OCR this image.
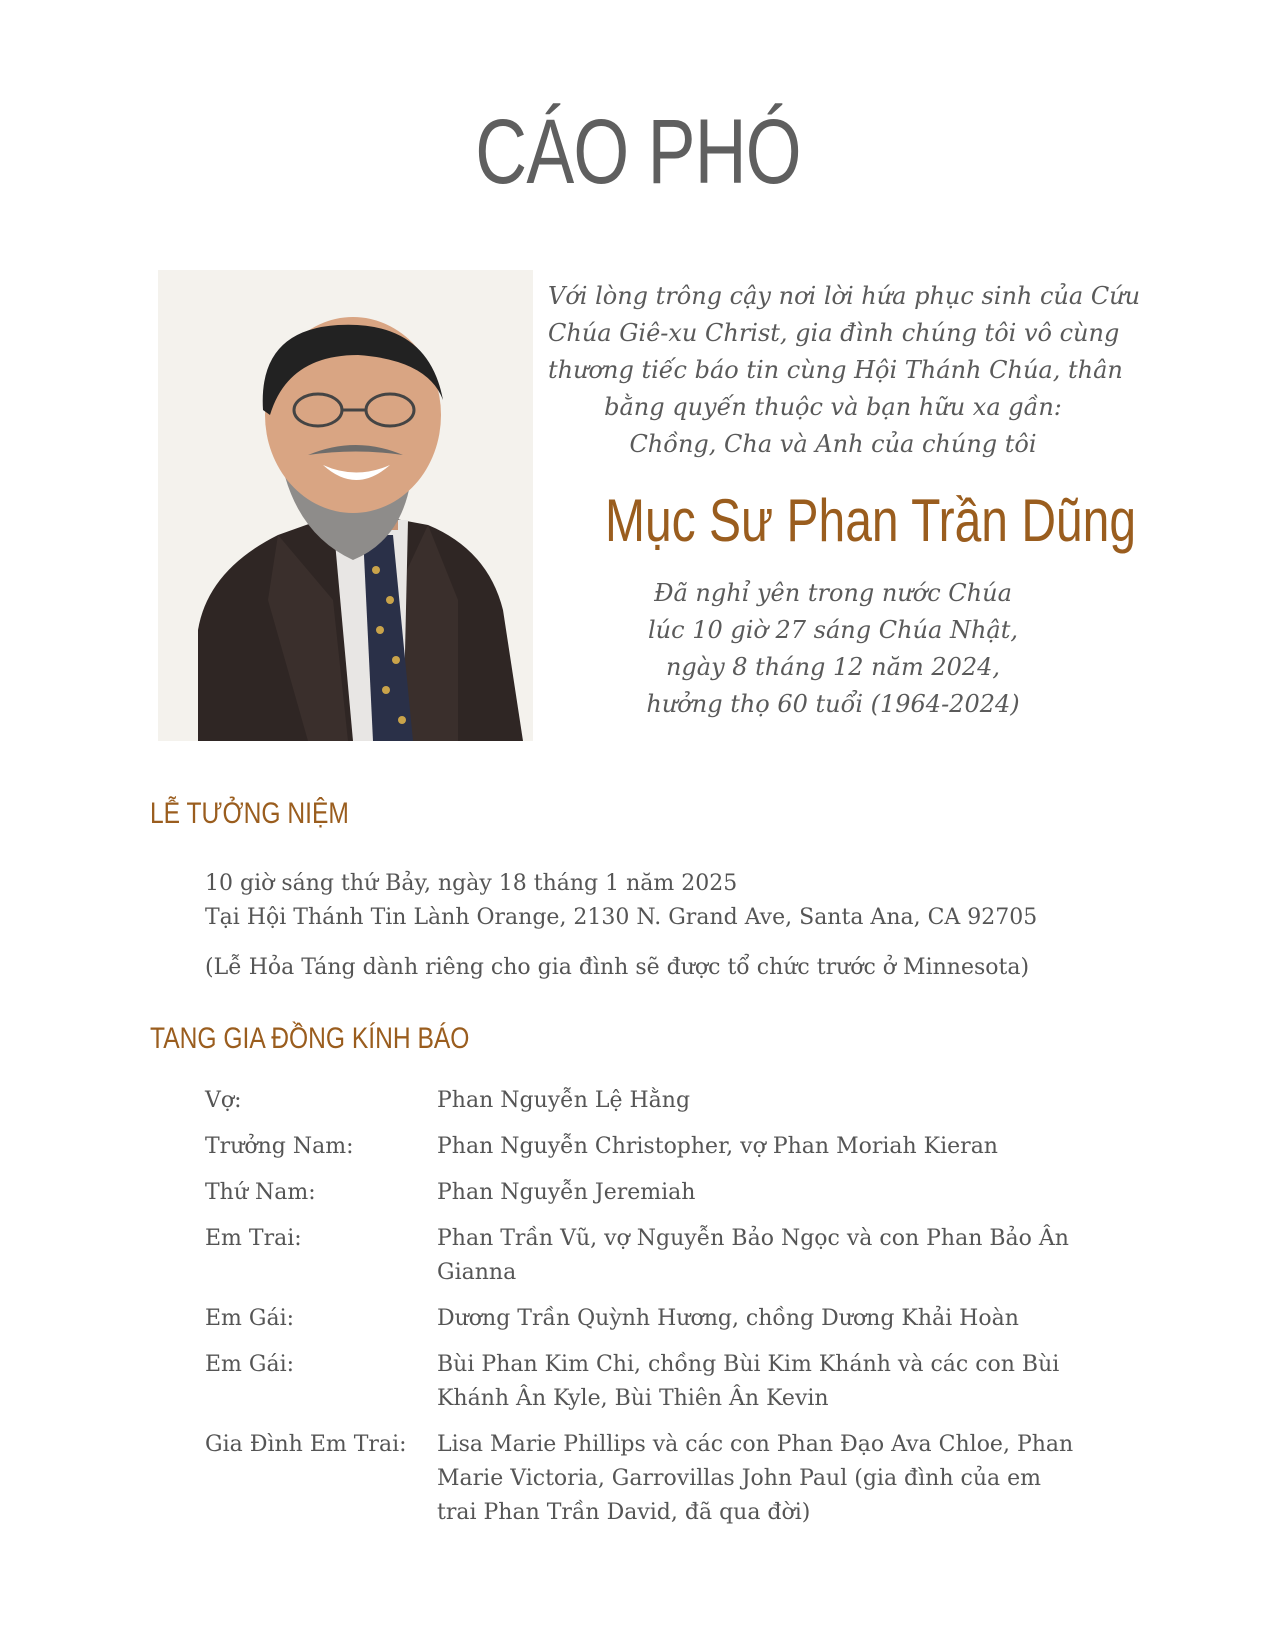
CÁO PHÓ
Với lòng trông cậy nơi lời hứa phục sinh của Cứu
Chúa Giê-xu Christ, gia đình chúng tôi vô cùng
thương tiếc báo tin cùng Hội Thánh Chúa, thân
bằng quyến thuộc và bạn hữu xa gần:
Chồng, Cha và Anh của chúng tôi
Mục Sư Phan Trần Dũng
Đã nghỉ yên trong nước Chúa
lúc 10 giờ 27 sáng Chúa Nhật,
ngày 8 tháng 12 năm 2024,
hưởng thọ 60 tuổi (1964-2024)
LỄ TƯỞNG NIỆM
10 giờ sáng thứ Bảy, ngày 18 tháng 1 năm 2025
Tại Hội Thánh Tin Lành Orange, 2130 N. Grand Ave, Santa Ana, CA 92705
(Lễ Hỏa Táng dành riêng cho gia đình sẽ được tổ chức trước ở Minnesota)
TANG GIA ĐỒNG KÍNH BÁO
Vợ:	Phan Nguyễn Lệ Hằng
Trưởng Nam:	Phan Nguyễn Christopher, vợ Phan Moriah Kieran
Thứ Nam:	Phan Nguyễn Jeremiah
Em Trai:	Phan Trần Vũ, vợ Nguyễn Bảo Ngọc và con Phan Bảo Ân Gianna
Em Gái:	Dương Trần Quỳnh Hương, chồng Dương Khải Hoàn
Em Gái:	Bùi Phan Kim Chi, chồng Bùi Kim Khánh và các con Bùi Khánh Ân Kyle, Bùi Thiên Ân Kevin
Gia Đình Em Trai:	Lisa Marie Phillips và các con Phan Đạo Ava Chloe, Phan Marie Victoria, Garrovillas John Paul (gia đình của em trai Phan Trần David, đã qua đời)
